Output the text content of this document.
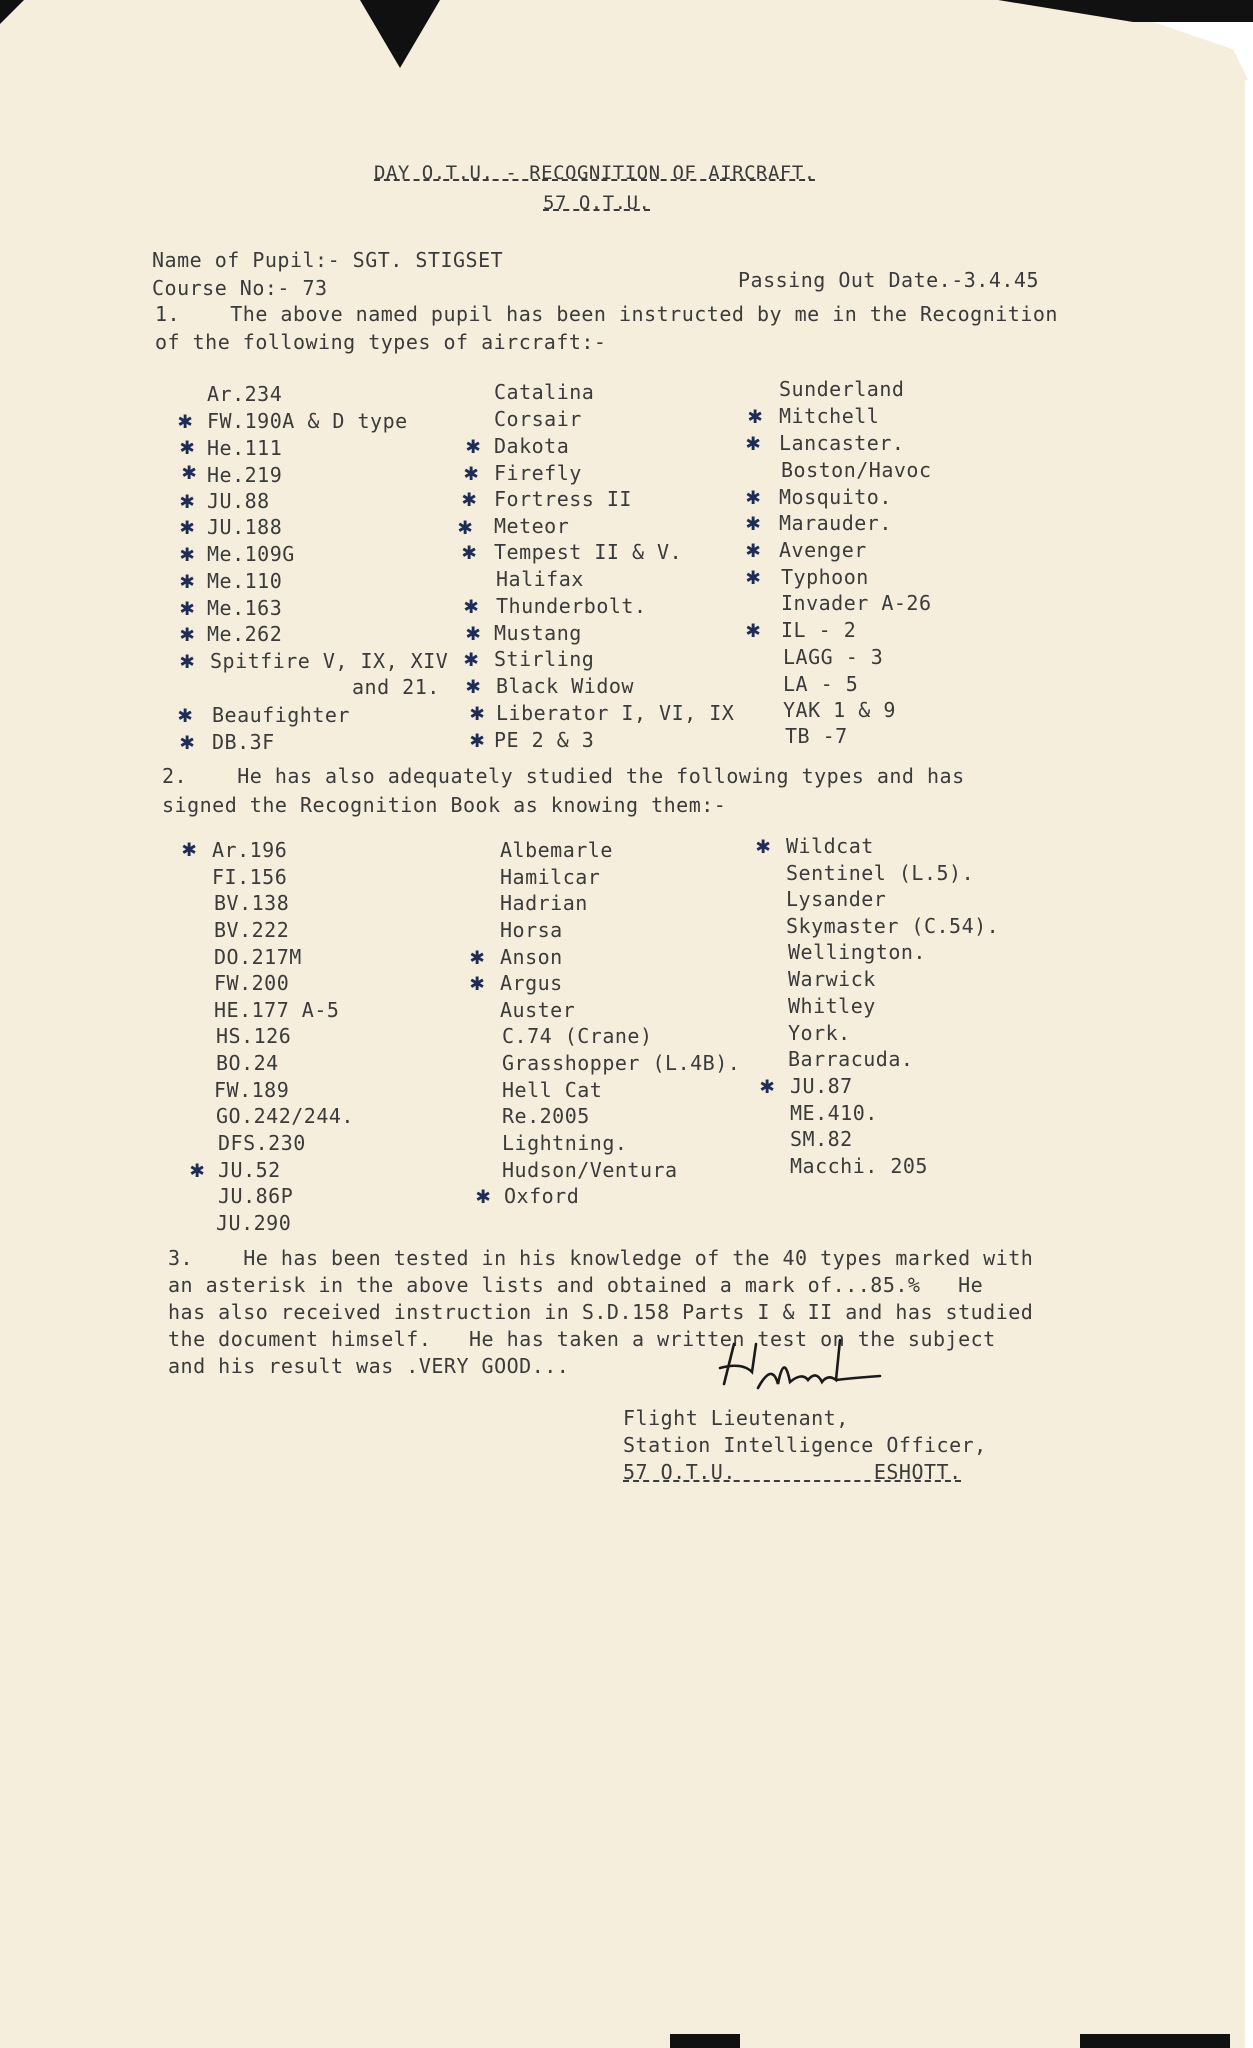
DAY O.T.U. - RECOGNITION OF AIRCRAFT.
57 O.T.U.
Name of Pupil:- SGT. STIGSET
Course No:- 73	Passing Out Date.-3.4.45
1.    The above named pupil has been instructed by me in the Recognition
of the following types of aircraft:-
Ar.234
FW.190A & D type
He.111
He.219
JU.88
JU.188
Me.109G
Me.110
Me.163
Me.262
Spitfire V, IX, XIV
and 21.
Beaufighter
DB.3F
Catalina
Corsair
Dakota
Firefly
Fortress II
Meteor
Tempest II & V.
Halifax
Thunderbolt.
Mustang
Stirling
Black Widow
Liberator I, VI, IX
PE 2 & 3
Sunderland
Mitchell
Lancaster.
Boston/Havoc
Mosquito.
Marauder.
Avenger
Typhoon
Invader A-26
IL - 2
LAGG - 3
LA - 5
YAK 1 & 9
TB -7
✱
✱
✱
✱
✱
✱
✱
✱
✱
✱
✱
✱
✱
✱
✱
✱
✱
✱
✱
✱
✱
✱
✱
✱
✱
✱
✱
✱
✱
✱
2.    He has also adequately studied the following types and has
signed the Recognition Book as knowing them:-
Ar.196
FI.156
BV.138
BV.222
DO.217M
FW.200
HE.177 A-5
HS.126
BO.24
FW.189
GO.242/244.
DFS.230
JU.52
JU.86P
JU.290
Albemarle
Hamilcar
Hadrian
Horsa
Anson
Argus
Auster
C.74 (Crane)
Grasshopper (L.4B).
Hell Cat
Re.2005
Lightning.
Hudson/Ventura
Oxford
Wildcat
Sentinel (L.5).
Lysander
Skymaster (C.54).
Wellington.
Warwick
Whitley
York.
Barracuda.
JU.87
ME.410.
SM.82
Macchi. 205
✱
✱
✱
✱
✱
✱
✱
3.    He has been tested in his knowledge of the 40 types marked with
an asterisk in the above lists and obtained a mark of...85.%   He
has also received instruction in S.D.158 Parts I & II and has studied
the document himself.   He has taken a written test on the subject
and his result was .VERY GOOD...
Flight Lieutenant,
Station Intelligence Officer,
57 O.T.U.           ESHOTT.
